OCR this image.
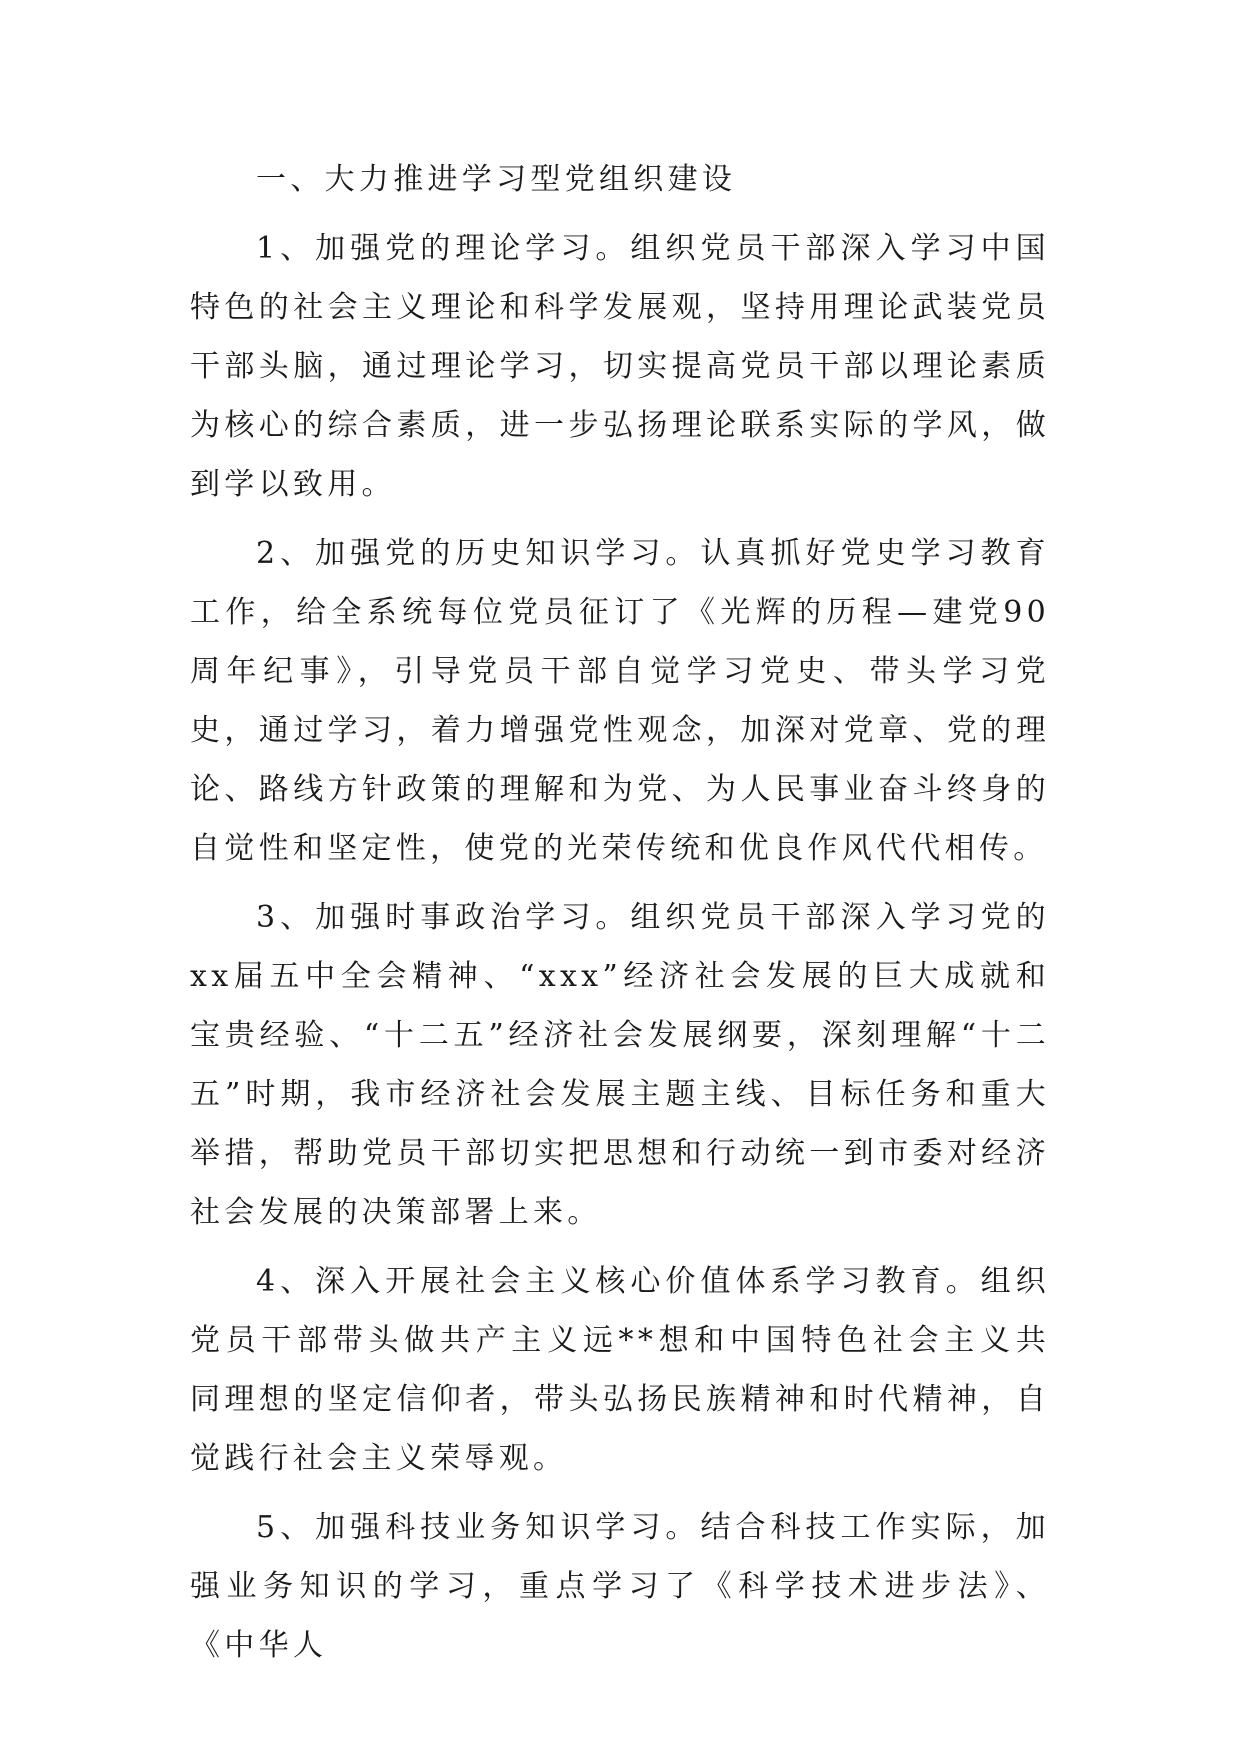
一、大力推进学习型党组织建设

1、加强党的理论学习。组织党员干部深入学习中国特色的社会主义理论和科学发展观，坚持用理论武装党员干部头脑，通过理论学习，切实提高党员干部以理论素质为核心的综合素质，进一步弘扬理论联系实际的学风，做到学以致用。

2、加强党的历史知识学习。认真抓好党史学习教育工作，给全系统每位党员征订了《光辉的历程—建党90周年纪事》，引导党员干部自觉学习党史、带头学习党史，通过学习，着力增强党性观念，加深对党章、党的理论、路线方针政策的理解和为党、为人民事业奋斗终身的自觉性和坚定性，使党的光荣传统和优良作风代代相传。

3、加强时事政治学习。组织党员干部深入学习党的xx届五中全会精神、“xxx”经济社会发展的巨大成就和宝贵经验、“十二五”经济社会发展纲要，深刻理解“十二五”时期，我市经济社会发展主题主线、目标任务和重大举措，帮助党员干部切实把思想和行动统一到市委对经济社会发展的决策部署上来。

4、深入开展社会主义核心价值体系学习教育。组织党员干部带头做共产主义远**想和中国特色社会主义共同理想的坚定信仰者，带头弘扬民族精神和时代精神，自觉践行社会主义荣辱观。

5、加强科技业务知识学习。结合科技工作实际，加强业务知识的学习，重点学习了《科学技术进步法》、《中华人
